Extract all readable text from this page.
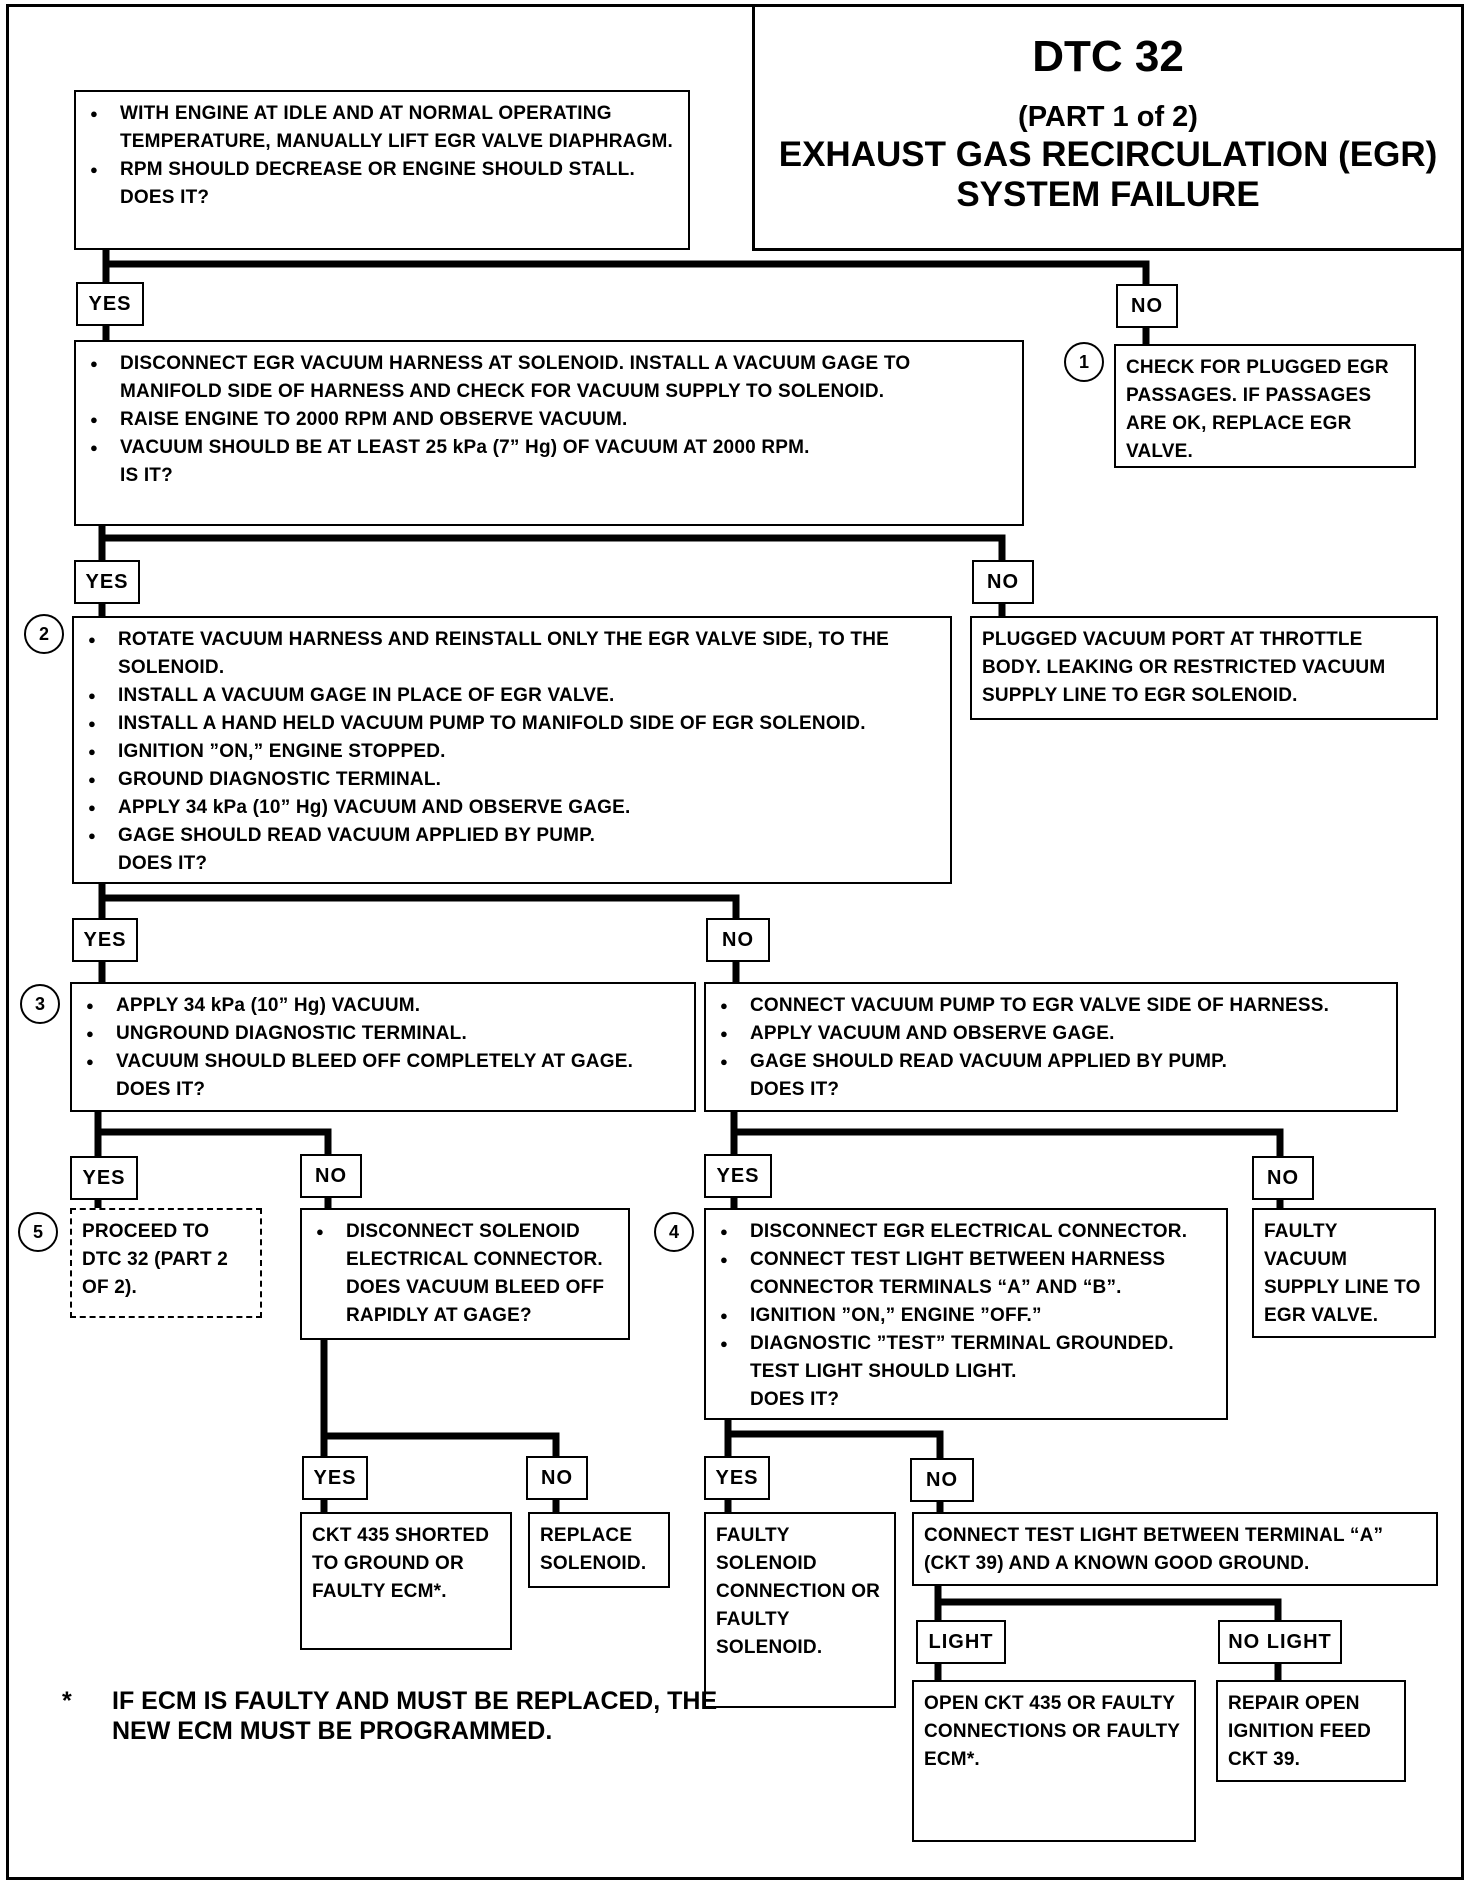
DTC 32
(PART 1 of 2)
EXHAUST GAS RECIRCULATION (EGR)
SYSTEM FAILURE
● WITH ENGINE AT IDLE AND AT NORMAL OPERATING TEMPERATURE, MANUALLY LIFT EGR VALVE DIAPHRAGM.
● RPM SHOULD DECREASE OR ENGINE SHOULD STALL.
DOES IT?
YES	NO
● DISCONNECT EGR VACUUM HARNESS AT SOLENOID. INSTALL A VACUUM GAGE TO MANIFOLD SIDE OF HARNESS AND CHECK FOR VACUUM SUPPLY TO SOLENOID.
● RAISE ENGINE TO 2000 RPM AND OBSERVE VACUUM.
● VACUUM SHOULD BE AT LEAST 25 kPa (7” Hg) OF VACUUM AT 2000 RPM.
IS IT?
1	CHECK FOR PLUGGED EGR PASSAGES. IF PASSAGES ARE OK, REPLACE EGR VALVE.
YES	NO
2	● ROTATE VACUUM HARNESS AND REINSTALL ONLY THE EGR VALVE SIDE, TO THE SOLENOID.
● INSTALL A VACUUM GAGE IN PLACE OF EGR VALVE.
● INSTALL A HAND HELD VACUUM PUMP TO MANIFOLD SIDE OF EGR SOLENOID.
● IGNITION ”ON,” ENGINE STOPPED.
● GROUND DIAGNOSTIC TERMINAL.
● APPLY 34 kPa (10” Hg) VACUUM AND OBSERVE GAGE.
● GAGE SHOULD READ VACUUM APPLIED BY PUMP.
DOES IT?
PLUGGED VACUUM PORT AT THROTTLE BODY. LEAKING OR RESTRICTED VACUUM SUPPLY LINE TO EGR SOLENOID.
YES	NO
3	● APPLY 34 kPa (10” Hg) VACUUM.
● UNGROUND DIAGNOSTIC TERMINAL.
● VACUUM SHOULD BLEED OFF COMPLETELY AT GAGE.
DOES IT?
● CONNECT VACUUM PUMP TO EGR VALVE SIDE OF HARNESS.
● APPLY VACUUM AND OBSERVE GAGE.
● GAGE SHOULD READ VACUUM APPLIED BY PUMP.
DOES IT?
YES	NO	YES	NO
5	PROCEED TO DTC 32 (PART 2 OF 2).
● DISCONNECT SOLENOID ELECTRICAL CONNECTOR. DOES VACUUM BLEED OFF RAPIDLY AT GAGE?
4	● DISCONNECT EGR ELECTRICAL CONNECTOR.
● CONNECT TEST LIGHT BETWEEN HARNESS CONNECTOR TERMINALS “A” AND “B”.
● IGNITION ”ON,” ENGINE ”OFF.”
● DIAGNOSTIC ”TEST” TERMINAL GROUNDED. TEST LIGHT SHOULD LIGHT.
DOES IT?
FAULTY VACUUM SUPPLY LINE TO EGR VALVE.
YES	NO	YES	NO
CKT 435 SHORTED TO GROUND OR FAULTY ECM*.
REPLACE SOLENOID.
FAULTY SOLENOID CONNECTION OR FAULTY SOLENOID.
CONNECT TEST LIGHT BETWEEN TERMINAL “A” (CKT 39) AND A KNOWN GOOD GROUND.
LIGHT	NO LIGHT
OPEN CKT 435 OR FAULTY CONNECTIONS OR FAULTY ECM*.
REPAIR OPEN IGNITION FEED CKT 39.
*	IF ECM IS FAULTY AND MUST BE REPLACED, THE NEW ECM MUST BE PROGRAMMED.
